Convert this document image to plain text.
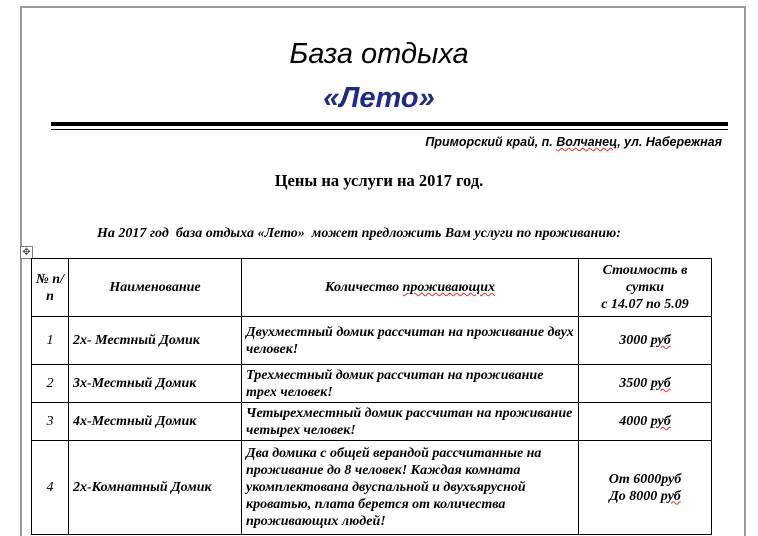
База отдыха
«Лето»
Приморский край, п. Волчанец, ул. Набережная
Цены на услуги на 2017 год.
На 2017 год  база отдыха «Лето»  может предложить Вам услуги по проживанию:
✥
№ п/п	Наименование	Количество проживающих	Стоимость в сутки
с 14.07 по 5.09

1	2х- Местный Домик	Двухместный домик рассчитан на проживание двух человек!	3000 руб
2	3х-Местный Домик	Трехместный домик рассчитан на проживание трех человек!	3500 руб
3	4х-Местный Домик	Четырехместный домик рассчитан на проживание четырех человек!	4000 руб
4	2х-Комнатный Домик	Два домика с общей верандой рассчитанные на проживание до 8 человек! Каждая комната укомплектована двуспальной и двухъярусной кроватью, плата берется от количества проживающих людей!	От 6000руб
До 8000 руб
